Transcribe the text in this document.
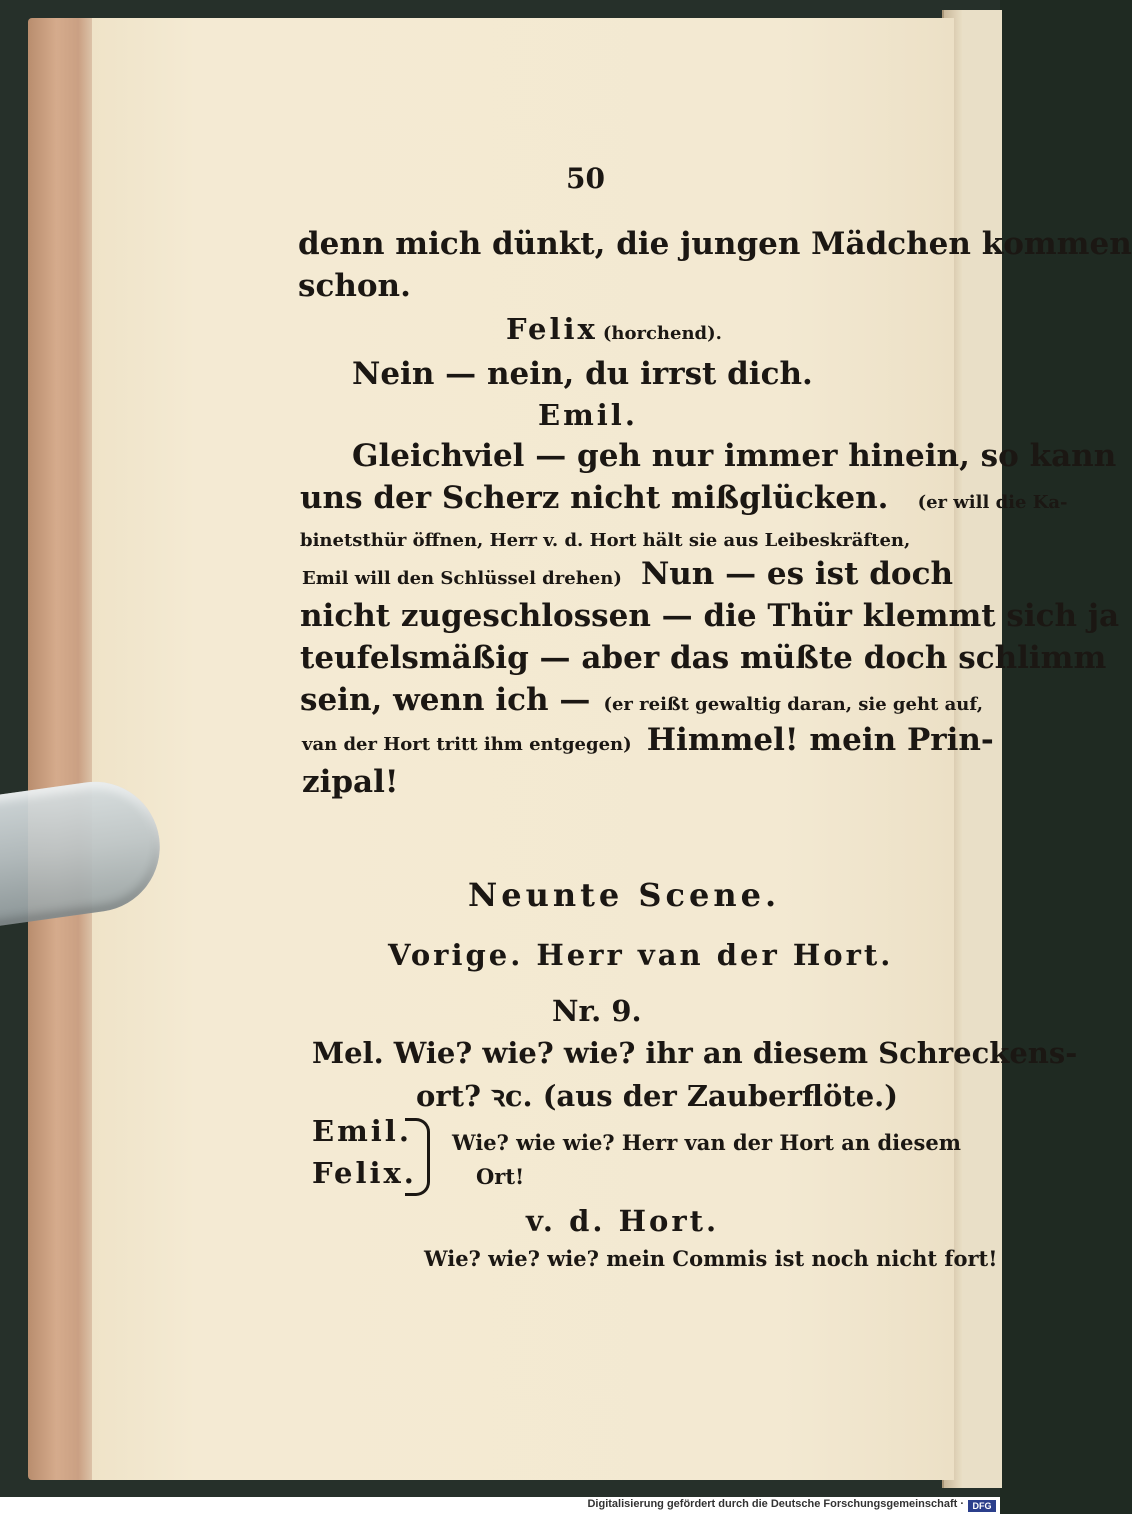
50
denn mich dünkt, die jungen Mädchen kommen
schon.
Felix (horchend).
Nein — nein, du irrst dich.
Emil.
Gleichviel — geh nur immer hinein, so kann
uns der Scherz nicht mißglücken. (er will die Ka-
binetsthür öffnen, Herr v. d. Hort hält sie aus Leibeskräften,
Emil will den Schlüssel drehen) Nun — es ist doch
nicht zugeschlossen — die Thür klemmt sich ja
teufelsmäßig — aber das müßte doch schlimm
sein, wenn ich — (er reißt gewaltig daran, sie geht auf,
van der Hort tritt ihm entgegen) Himmel! mein Prin-
zipal!
Neunte Scene.
Vorige. Herr van der Hort.
Nr. 9.
Mel. Wie? wie? wie? ihr an diesem Schreckens-
ort? ꝛc. (aus der Zauberflöte.)
Emil.
Felix.
Wie? wie wie? Herr van der Hort an diesem
Ort!
v. d. Hort.
Wie? wie? wie? mein Commis ist noch nicht fort!
Digitalisierung gefördert durch die Deutsche Forschungsgemeinschaft · DFG
